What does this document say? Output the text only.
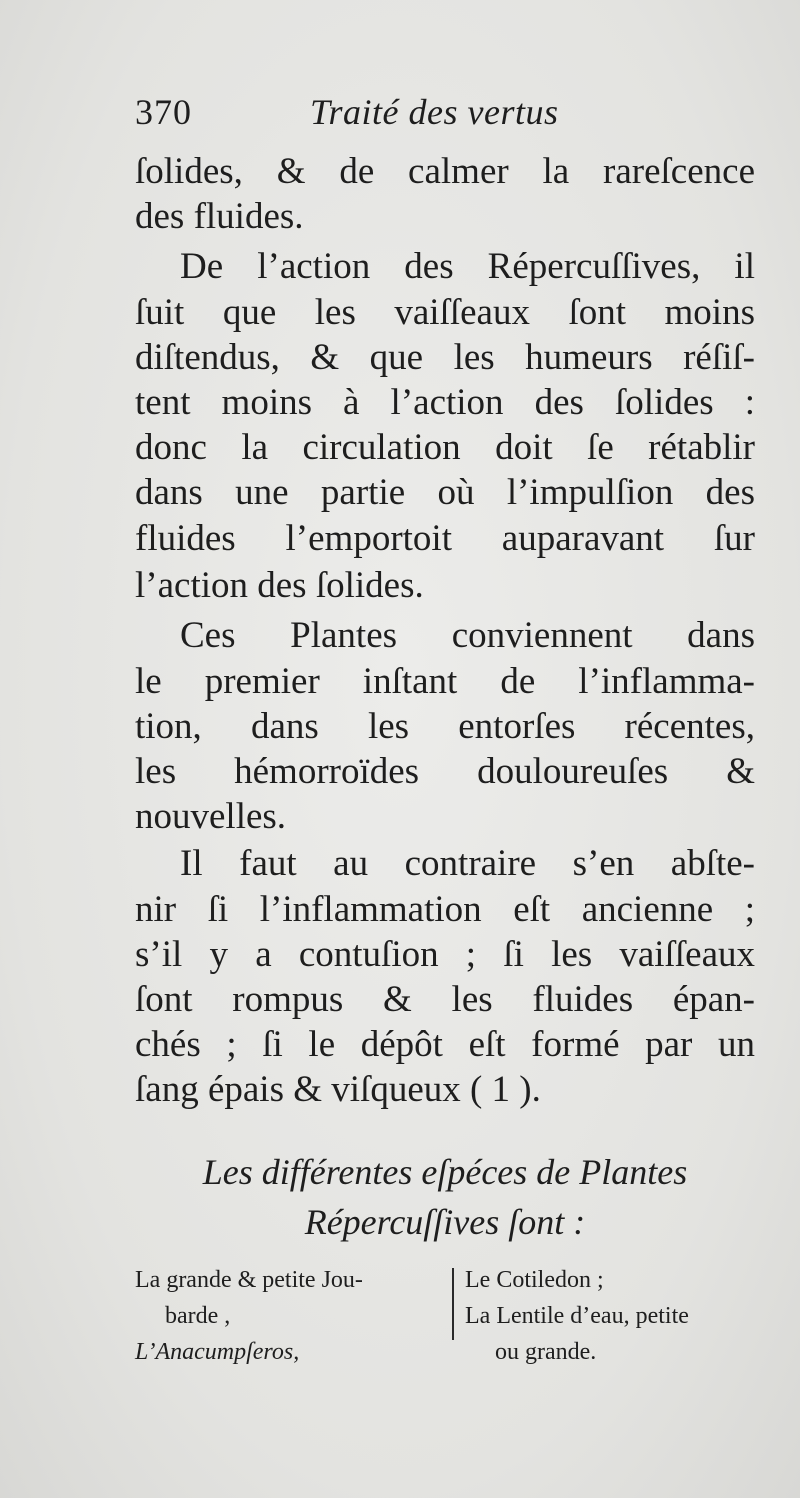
370	Traité des vertus
ſolides, & de calmer la rareſcence
des fluides.
De l’action des Répercuſſives, il
ſuit que les vaiſſeaux ſont moins
diſtendus, & que les humeurs réſiſ-
tent moins à l’action des ſolides :
donc la circulation doit ſe rétablir
dans une partie où l’impulſion des
fluides l’emportoit auparavant ſur
l’action des ſolides.
Ces Plantes conviennent dans
le premier inſtant de l’inflamma-
tion, dans les entorſes récentes,
les hémorroïdes douloureuſes &
nouvelles.
Il faut au contraire s’en abſte-
nir ſi l’inflammation eſt ancienne ;
s’il y a contuſion ; ſi les vaiſſeaux
ſont rompus & les fluides épan-
chés ; ſi le dépôt eſt formé par un
ſang épais & viſqueux ( 1 ).
Les différentes eſpéces de Plantes
Répercuſſives ſont :
La grande & petite Jou-
barde ,
L’Anacumpſeros,
Le Cotiledon ;
La Lentile d’eau, petite
ou grande.
